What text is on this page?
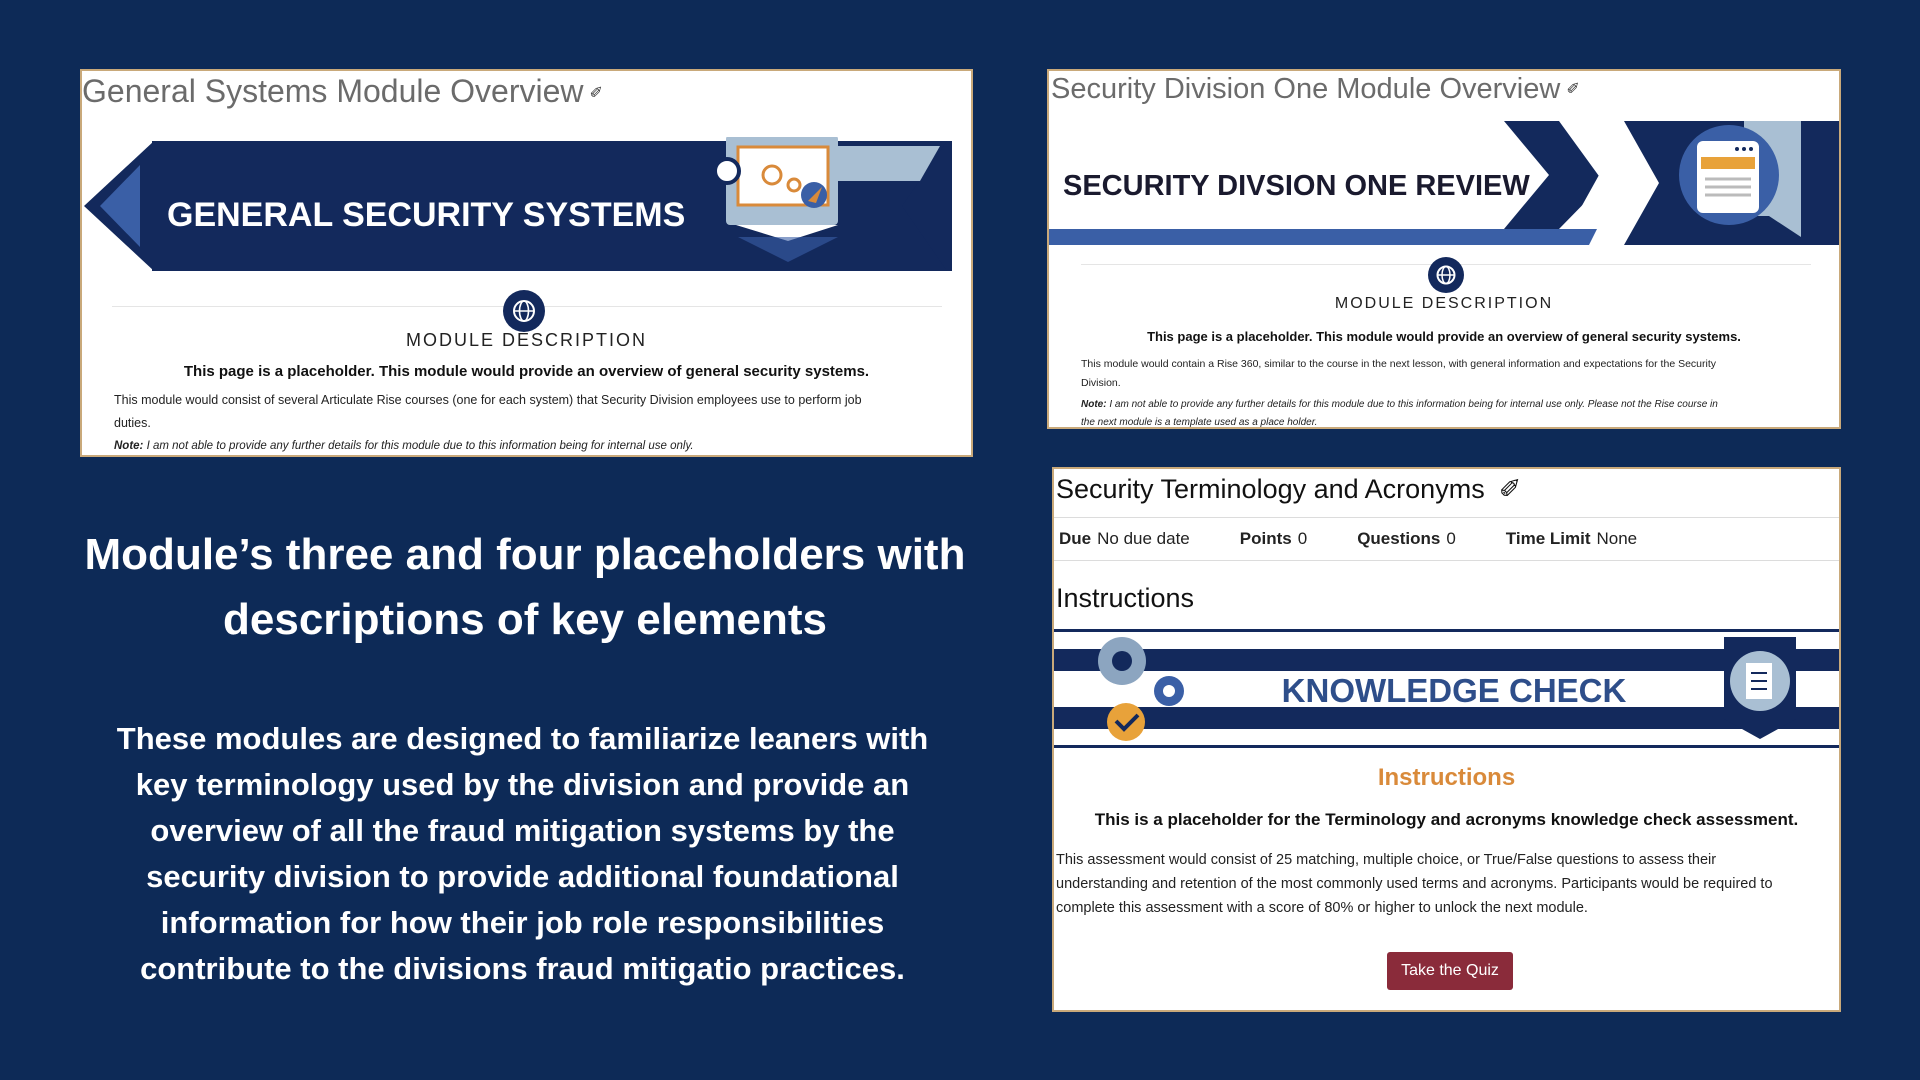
General Systems Module Overview ✐
GENERAL SECURITY SYSTEMS
MODULE DESCRIPTION
This page is a placeholder. This module would provide an overview of general security systems.
This module would consist of several Articulate Rise courses (one for each system) that Security Division employees use to perform job
duties.
Note: I am not able to provide any further details for this module due to this information being for internal use only.
Security Division One Module Overview ✐
SECURITY DIVSION ONE REVIEW
MODULE DESCRIPTION
This page is a placeholder. This module would provide an overview of general security systems.
This module would contain a Rise 360, similar to the course in the next lesson, with general information and expectations for the Security
Division.
Note: I am not able to provide any further details for this module due to this information being for internal use only. Please not the Rise course in
the next module is a template used as a place holder.
Module’s three and four placeholders with
descriptions of key elements
These modules are designed to familiarize leaners with
key terminology used by the division and provide an
overview of all the fraud mitigation systems by the
security division to provide additional foundational
information for how their job role responsibilities
contribute to the divisions fraud mitigatio practices.
Security Terminology and Acronyms ✐
Due No due date	Points 0	Questions 0	Time Limit None
Instructions
KNOWLEDGE CHECK
Instructions
This is a placeholder for the Terminology and acronyms knowledge check assessment.
This assessment would consist of 25 matching, multiple choice, or True/False questions to assess their
understanding and retention of the most commonly used terms and acronyms. Participants would be required to
complete this assessment with a score of 80% or higher to unlock the next module.
Take the Quiz
